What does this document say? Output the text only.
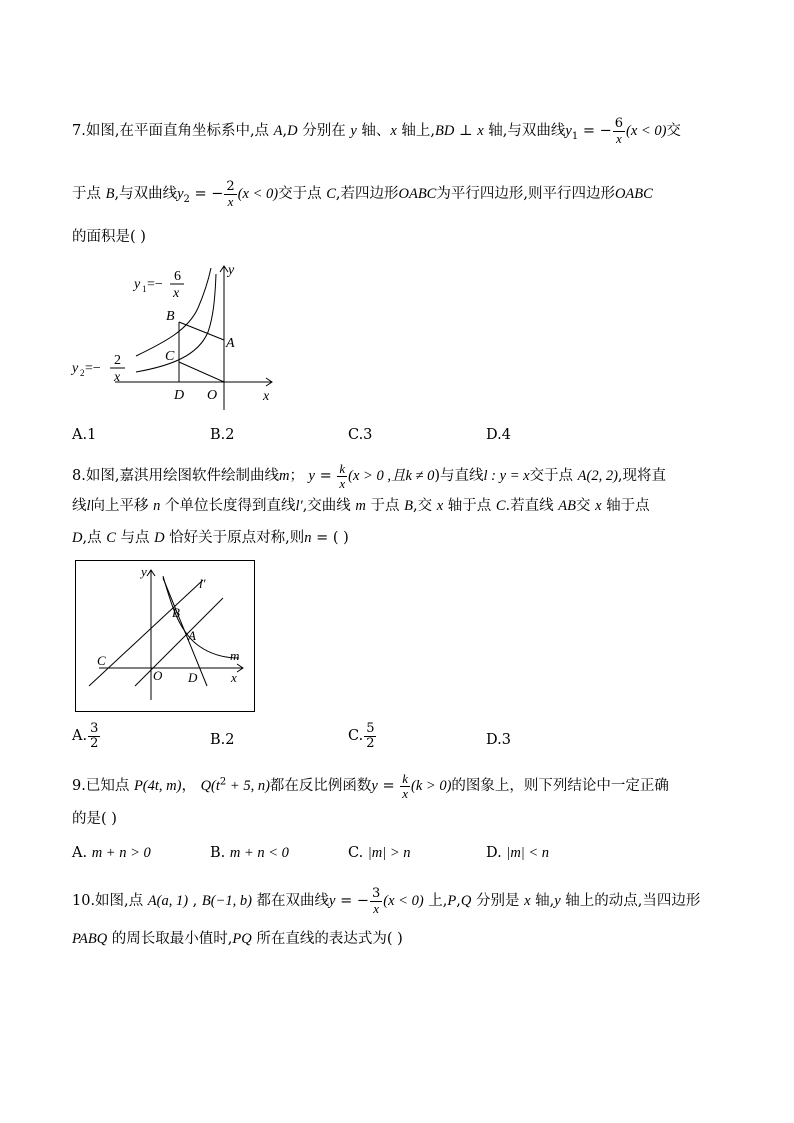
7.如图,在平面直角坐标系中,点 A,D 分别在 y 轴、x 轴上,BD ⊥ x 轴,与双曲线$y_1$ = − $\frac{6}{x} (x < 0)$交
于点 B,与双曲线$y_2$ = − $\frac{2}{x} (x < 0)$交于点 C,若四边形OABC为平行四边形,则平行四边形OABC
的面积是( )
y 1 =−
6
x
y 2 =−
2
x
B
C
A
D O	x
y
A.1	B.2	C.3	D.4
8.如图,嘉淇用绘图软件绘制曲线m； $y = \frac{k}{x} (x > 0$ ,且k ≠ 0)与直线l : y = x交于点 A(2, 2),现将直
线l向上平移 n 个单位长度得到直线l′,交曲线 m 于点 B,交 x 轴于点 C.若直线 AB交 x 轴于点
D,点 C 与点 D 恰好关于原点对称,则n = ( )
y
l′
B
A
m
C
O D	x
A. $\frac{3}{2}$	B.2	C. $\frac{5}{2}$	D.3
9.已知点 P(4t, m)， $Q(t^2 + 5$, n)都在反比例函数$y = \frac{k}{x} (k > 0)$的图象上，则下列结论中一定正确
的是( )
A. m + n > 0	B. m + n < 0	C. |m| > n	D. |m| < n
10.如图,点 A(a, 1) , B(−1, b) 都在双曲线y = − $\frac{3}{x} (x < 0)$ 上,P,Q 分别是 x 轴,y 轴上的动点,当四边形
PABQ 的周长取最小值时,PQ 所在直线的表达式为( )
